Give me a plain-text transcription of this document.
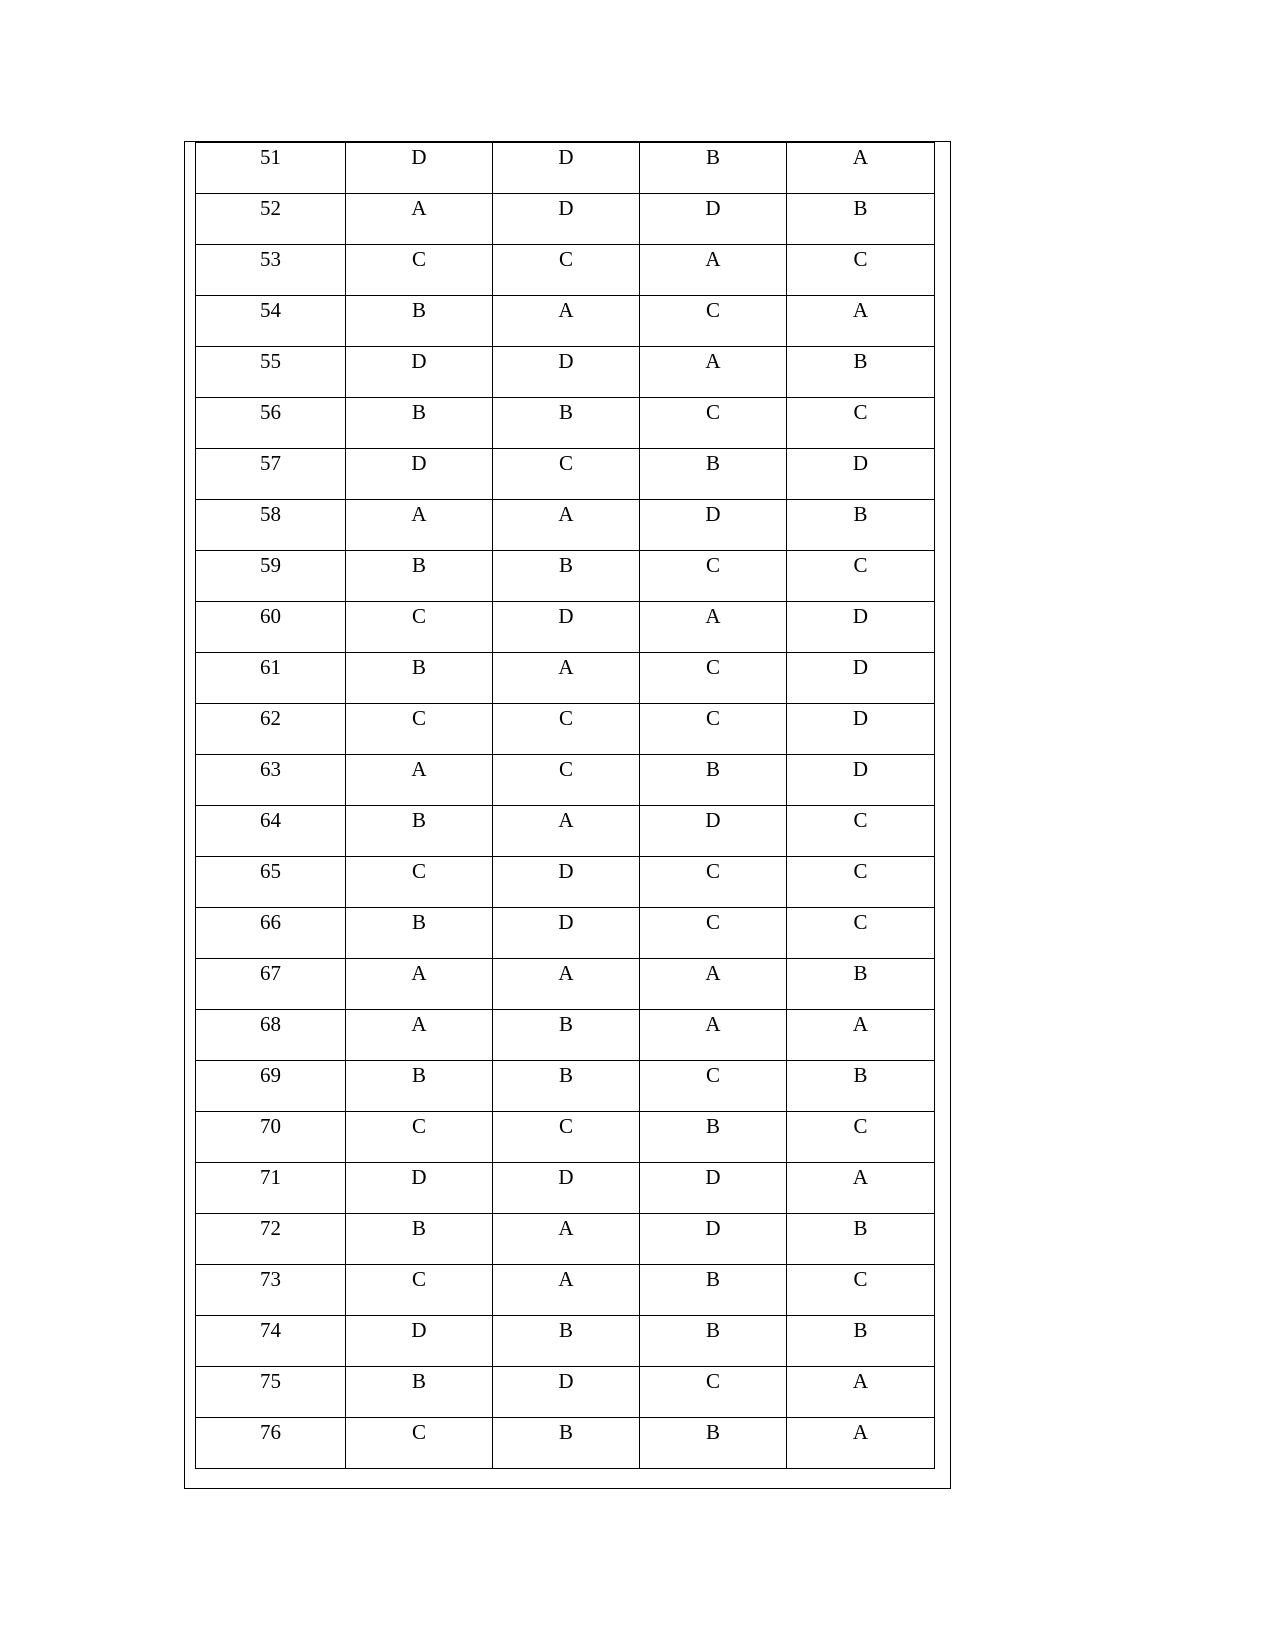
51	D	D	B	A
52	A	D	D	B
53	C	C	A	C
54	B	A	C	A
55	D	D	A	B
56	B	B	C	C
57	D	C	B	D
58	A	A	D	B
59	B	B	C	C
60	C	D	A	D
61	B	A	C	D
62	C	C	C	D
63	A	C	B	D
64	B	A	D	C
65	C	D	C	C
66	B	D	C	C
67	A	A	A	B
68	A	B	A	A
69	B	B	C	B
70	C	C	B	C
71	D	D	D	A
72	B	A	D	B
73	C	A	B	C
74	D	B	B	B
75	B	D	C	A
76	C	B	B	A
